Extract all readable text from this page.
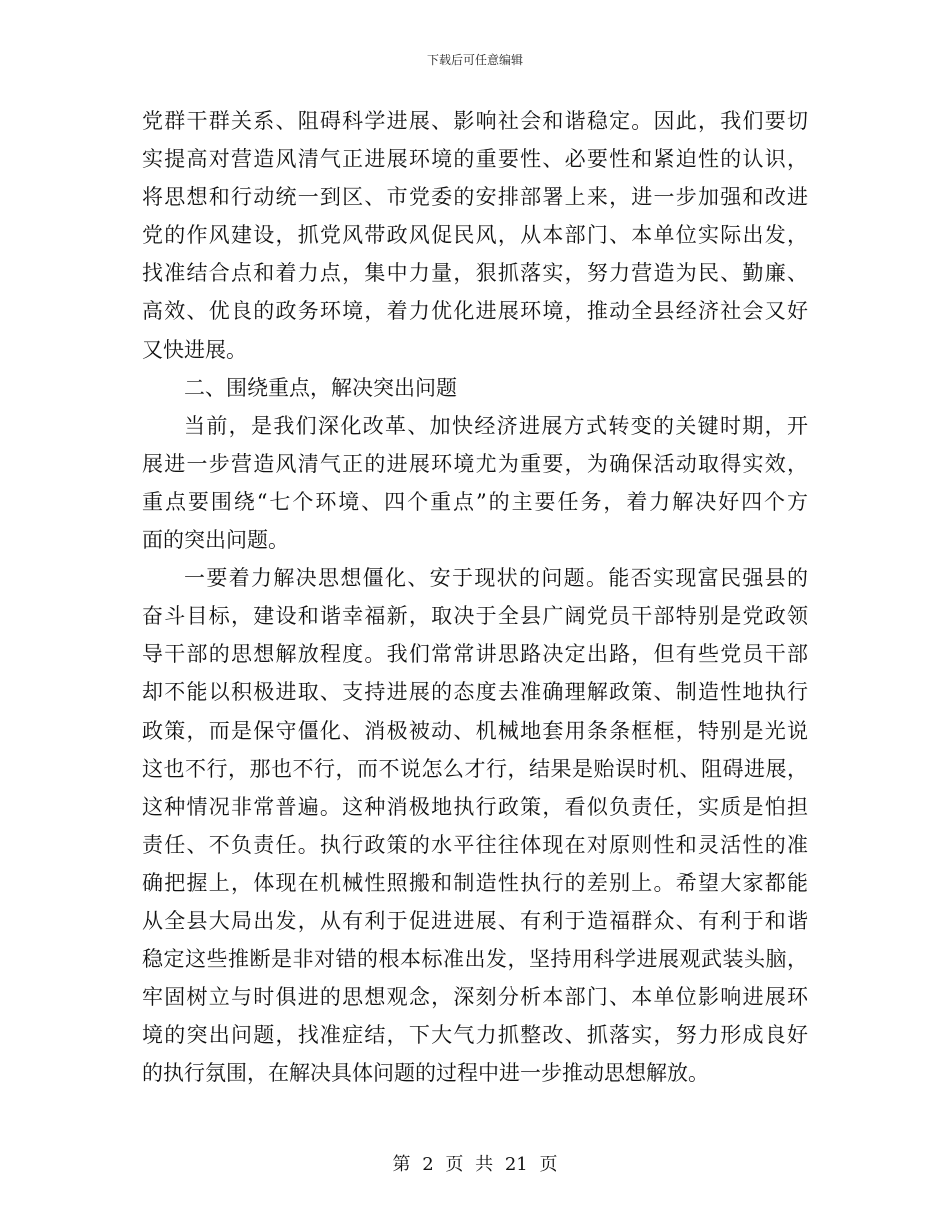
下载后可任意编辑
党群干群关系、阻碍科学进展、影响社会和谐稳定。因此，我们要切
实提高对营造风清气正进展环境的重要性、必要性和紧迫性的认识，
将思想和行动统一到区、市党委的安排部署上来，进一步加强和改进
党的作风建设，抓党风带政风促民风，从本部门、本单位实际出发，
找准结合点和着力点，集中力量，狠抓落实，努力营造为民、勤廉、
高效、优良的政务环境，着力优化进展环境，推动全县经济社会又好
又快进展。
二、围绕重点，解决突出问题
当前，是我们深化改革、加快经济进展方式转变的关键时期，开
展进一步营造风清气正的进展环境尤为重要，为确保活动取得实效，
重点要围绕“七个环境、四个重点”的主要任务，着力解决好四个方
面的突出问题。
一要着力解决思想僵化、安于现状的问题。能否实现富民强县的
奋斗目标，建设和谐幸福新，取决于全县广阔党员干部特别是党政领
导干部的思想解放程度。我们常常讲思路决定出路，但有些党员干部
却不能以积极进取、支持进展的态度去准确理解政策、制造性地执行
政策，而是保守僵化、消极被动、机械地套用条条框框，特别是光说
这也不行，那也不行，而不说怎么才行，结果是贻误时机、阻碍进展，
这种情况非常普遍。这种消极地执行政策，看似负责任，实质是怕担
责任、不负责任。执行政策的水平往往体现在对原则性和灵活性的准
确把握上，体现在机械性照搬和制造性执行的差别上。希望大家都能
从全县大局出发，从有利于促进进展、有利于造福群众、有利于和谐
稳定这些推断是非对错的根本标准出发，坚持用科学进展观武装头脑，
牢固树立与时俱进的思想观念，深刻分析本部门、本单位影响进展环
境的突出问题，找准症结，下大气力抓整改、抓落实，努力形成良好
的执行氛围，在解决具体问题的过程中进一步推动思想解放。
第 2 页 共 21 页
